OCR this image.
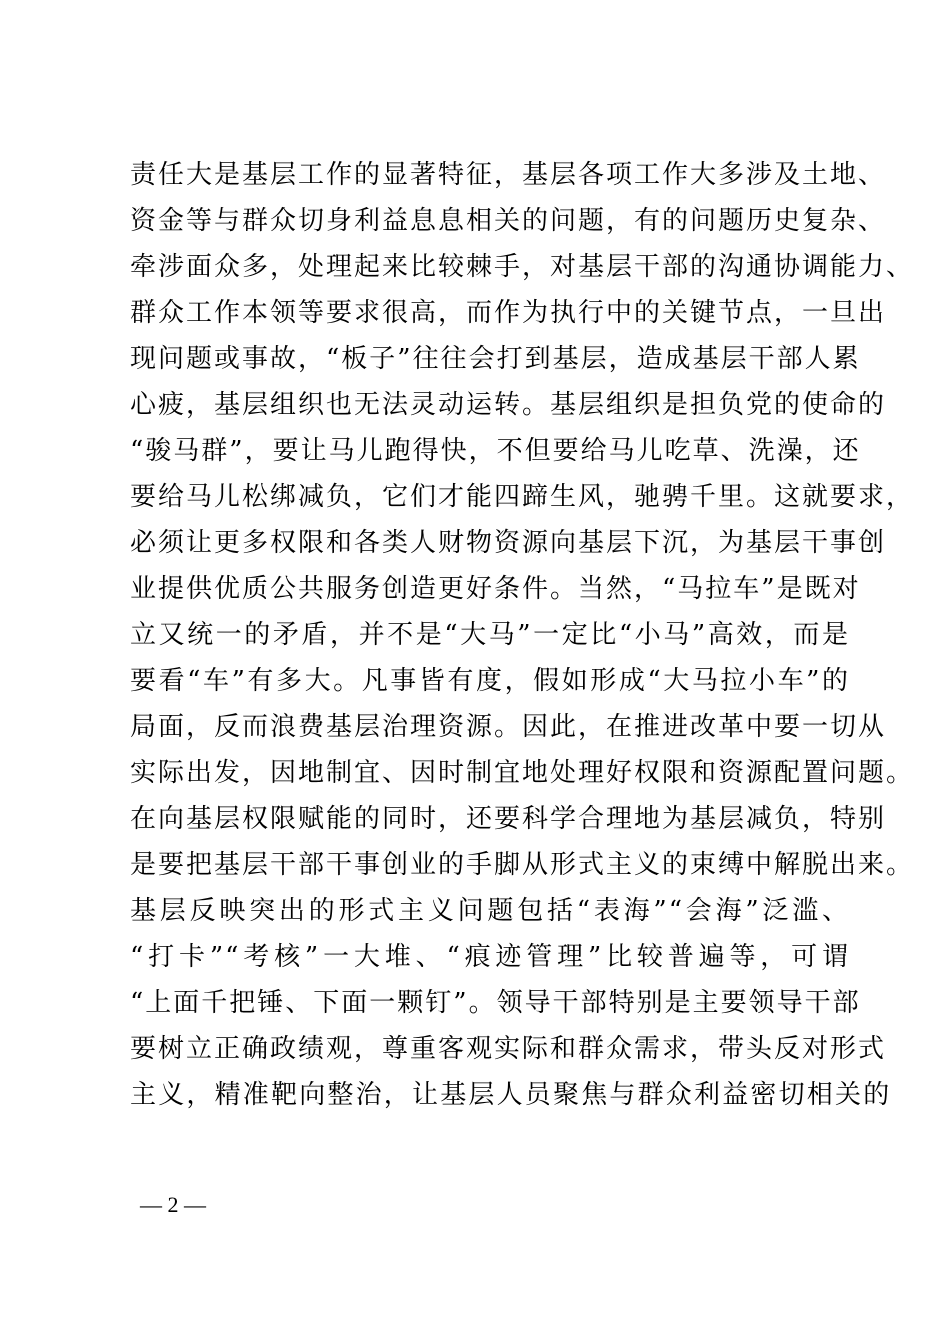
责任大是基层工作的显著特征，基层各项工作大多涉及土地、
资金等与群众切身利益息息相关的问题，有的问题历史复杂、
牵涉面众多，处理起来比较棘手，对基层干部的沟通协调能力、
群众工作本领等要求很高，而作为执行中的关键节点，一旦出
现问题或事故，“板子”往往会打到基层，造成基层干部人累
心疲，基层组织也无法灵动运转。基层组织是担负党的使命的
“骏马群”，要让马儿跑得快，不但要给马儿吃草、洗澡，还
要给马儿松绑减负，它们才能四蹄生风，驰骋千里。这就要求，
必须让更多权限和各类人财物资源向基层下沉，为基层干事创
业提供优质公共服务创造更好条件。当然，“马拉车”是既对
立又统一的矛盾，并不是“大马”一定比“小马”高效，而是
要看“车”有多大。凡事皆有度，假如形成“大马拉小车”的
局面，反而浪费基层治理资源。因此，在推进改革中要一切从
实际出发，因地制宜、因时制宜地处理好权限和资源配置问题。
在向基层权限赋能的同时，还要科学合理地为基层减负，特别
是要把基层干部干事创业的手脚从形式主义的束缚中解脱出来。
基层反映突出的形式主义问题包括“表海”“会海”泛滥、
“打卡”“考核”一大堆、“痕迹管理”比较普遍等，可谓
“上面千把锤、下面一颗钉”。领导干部特别是主要领导干部
要树立正确政绩观，尊重客观实际和群众需求，带头反对形式
主义，精准靶向整治，让基层人员聚焦与群众利益密切相关的
— 2 —
